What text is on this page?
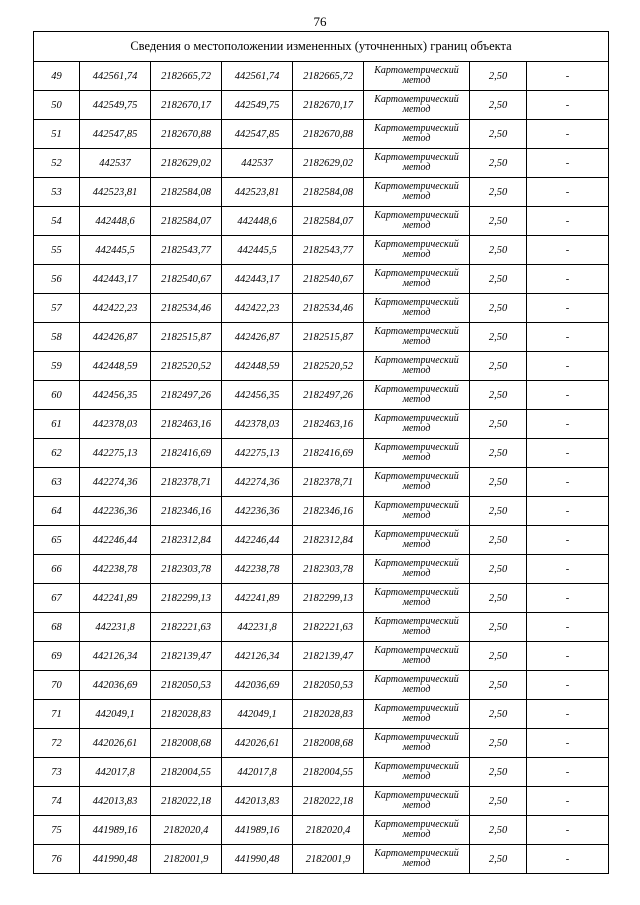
76
Сведения о местоположении измененных (уточненных) границ объекта							
49	442561,74	2182665,72	442561,74	2182665,72	Картометрический метод	2,50	-
50	442549,75	2182670,17	442549,75	2182670,17	Картометрический метод	2,50	-
51	442547,85	2182670,88	442547,85	2182670,88	Картометрический метод	2,50	-
52	442537	2182629,02	442537	2182629,02	Картометрический метод	2,50	-
53	442523,81	2182584,08	442523,81	2182584,08	Картометрический метод	2,50	-
54	442448,6	2182584,07	442448,6	2182584,07	Картометрический метод	2,50	-
55	442445,5	2182543,77	442445,5	2182543,77	Картометрический метод	2,50	-
56	442443,17	2182540,67	442443,17	2182540,67	Картометрический метод	2,50	-
57	442422,23	2182534,46	442422,23	2182534,46	Картометрический метод	2,50	-
58	442426,87	2182515,87	442426,87	2182515,87	Картометрический метод	2,50	-
59	442448,59	2182520,52	442448,59	2182520,52	Картометрический метод	2,50	-
60	442456,35	2182497,26	442456,35	2182497,26	Картометрический метод	2,50	-
61	442378,03	2182463,16	442378,03	2182463,16	Картометрический метод	2,50	-
62	442275,13	2182416,69	442275,13	2182416,69	Картометрический метод	2,50	-
63	442274,36	2182378,71	442274,36	2182378,71	Картометрический метод	2,50	-
64	442236,36	2182346,16	442236,36	2182346,16	Картометрический метод	2,50	-
65	442246,44	2182312,84	442246,44	2182312,84	Картометрический метод	2,50	-
66	442238,78	2182303,78	442238,78	2182303,78	Картометрический метод	2,50	-
67	442241,89	2182299,13	442241,89	2182299,13	Картометрический метод	2,50	-
68	442231,8	2182221,63	442231,8	2182221,63	Картометрический метод	2,50	-
69	442126,34	2182139,47	442126,34	2182139,47	Картометрический метод	2,50	-
70	442036,69	2182050,53	442036,69	2182050,53	Картометрический метод	2,50	-
71	442049,1	2182028,83	442049,1	2182028,83	Картометрический метод	2,50	-
72	442026,61	2182008,68	442026,61	2182008,68	Картометрический метод	2,50	-
73	442017,8	2182004,55	442017,8	2182004,55	Картометрический метод	2,50	-
74	442013,83	2182022,18	442013,83	2182022,18	Картометрический метод	2,50	-
75	441989,16	2182020,4	441989,16	2182020,4	Картометрический метод	2,50	-
76	441990,48	2182001,9	441990,48	2182001,9	Картометрический метод	2,50	-
